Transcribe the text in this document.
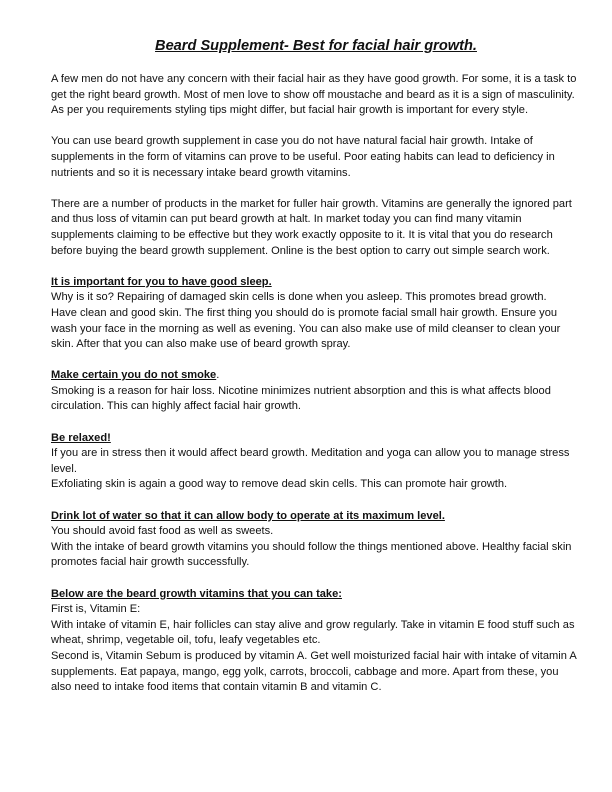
Beard Supplement- Best for facial hair growth.

A few men do not have any concern with their facial hair as they have good growth. For some, it is a task to get the right beard growth. Most of men love to show off moustache and beard as it is a sign of masculinity. As per you requirements styling tips might differ, but facial hair growth is important for every style.

You can use beard growth supplement in case you do not have natural facial hair growth. Intake of supplements in the form of vitamins can prove to be useful. Poor eating habits can lead to deficiency in nutrients and so it is necessary intake beard growth vitamins.

There are a number of products in the market for fuller hair growth. Vitamins are generally the ignored part and thus loss of vitamin can put beard growth at halt. In market today you can find many vitamin supplements claiming to be effective but they work exactly opposite to it. It is vital that you do research before buying the beard growth supplement. Online is the best option to carry out simple search work.

It is important for you to have good sleep.

Why is it so? Repairing of damaged skin cells is done when you asleep. This promotes bread growth.

Have clean and good skin. The first thing you should do is promote facial small hair growth. Ensure you wash your face in the morning as well as evening. You can also make use of mild cleanser to clean your skin. After that you can also make use of beard growth spray.

Make certain you do not smoke.

Smoking is a reason for hair loss. Nicotine minimizes nutrient absorption and this is what affects blood circulation. This can highly affect facial hair growth.

Be relaxed!

If you are in stress then it would affect beard growth. Meditation and yoga can allow you to manage stress level.

Exfoliating skin is again a good way to remove dead skin cells. This can promote hair growth.

Drink lot of water so that it can allow body to operate at its maximum level.

You should avoid fast food as well as sweets.

With the intake of beard growth vitamins you should follow the things mentioned above. Healthy facial skin promotes facial hair growth successfully.

Below are the beard growth vitamins that you can take:

First is, Vitamin E:

With intake of vitamin E, hair follicles can stay alive and grow regularly. Take in vitamin E food stuff such as wheat, shrimp, vegetable oil, tofu, leafy vegetables etc.

Second is, Vitamin Sebum is produced by vitamin A. Get well moisturized facial hair with intake of vitamin A supplements. Eat papaya, mango, egg yolk, carrots, broccoli, cabbage and more. Apart from these, you also need to intake food items that contain vitamin B and vitamin C.
